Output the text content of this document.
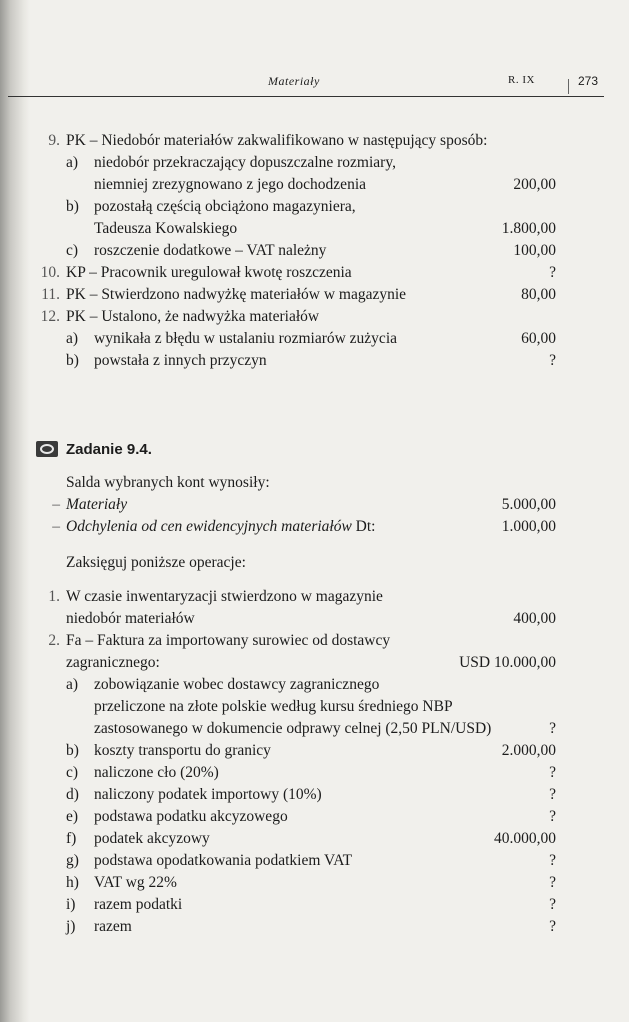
Materiały	R. IX	273
9. PK – Niedobór materiałów zakwalifikowano w następujący sposób:
a)	niedobór przekraczający dopuszczalne rozmiary,
niemniej zrezygnowano z jego dochodzenia	200,00
b) pozostałą częścią obciążono magazyniera,
Tadeusza Kowalskiego	1.800,00
c)	roszczenie dodatkowe – VAT należny	100,00
10. KP – Pracownik uregulował kwotę roszczenia	?
11. PK – Stwierdzono nadwyżkę materiałów w magazynie	80,00
12. PK – Ustalono, że nadwyżka materiałów
a)	wynikała z błędu w ustalaniu rozmiarów zużycia	60,00
b) powstała z innych przyczyn	?
Zadanie 9.4.
Salda wybranych kont wynosiły:
– Materiały	5.000,00
– Odchylenia od cen ewidencyjnych materiałów Dt:	1.000,00
Zaksięguj poniższe operacje:
1. W czasie inwentaryzacji stwierdzono w magazynie
niedobór materiałów	400,00
2. Fa – Faktura za importowany surowiec od dostawcy
zagranicznego:	USD 10.000,00
a)	zobowiązanie wobec dostawcy zagranicznego
przeliczone na złote polskie według kursu średniego NBP
zastosowanego w dokumencie odprawy celnej (2,50 PLN/USD)	?
b) koszty transportu do granicy	2.000,00
c)	naliczone cło (20%)	?
d) naliczony podatek importowy (10%)	?
e)	podstawa podatku akcyzowego	?
f)	podatek akcyzowy	40.000,00
g) podstawa opodatkowania podatkiem VAT	?
h) VAT wg 22%	?
i)	razem podatki	?
j)	razem	?
